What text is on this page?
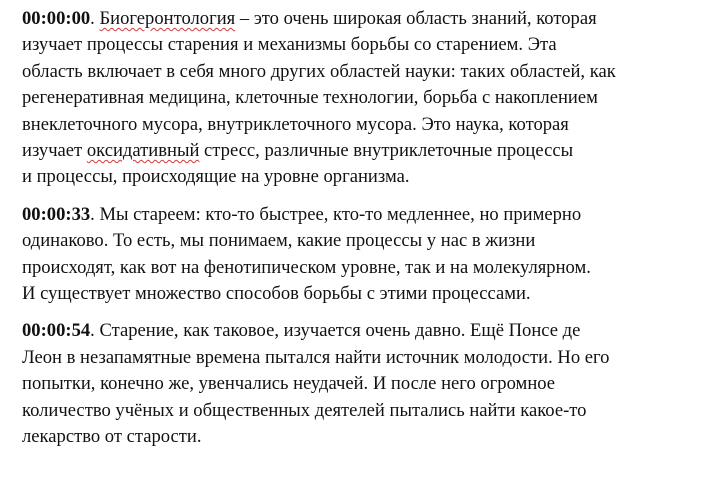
00:00:00. Биогеронтология – это очень широкая область знаний, которая
изучает процессы старения и механизмы борьбы со старением. Эта
область включает в себя много других областей науки: таких областей, как
регенеративная медицина, клеточные технологии, борьба с накоплением
внеклеточного мусора, внутриклеточного мусора. Это наука, которая
изучает оксидативный стресс, различные внутриклеточные процессы
и процессы, происходящие на уровне организма.

00:00:33. Мы стареем: кто-то быстрее, кто-то медленнее, но примерно
одинаково. То есть, мы понимаем, какие процессы у нас в жизни
происходят, как вот на фенотипическом уровне, так и на молекулярном.
И существует множество способов борьбы с этими процессами.

00:00:54. Старение, как таковое, изучается очень давно. Ещё Понсе де
Леон в незапамятные времена пытался найти источник молодости. Но его
попытки, конечно же, увенчались неудачей. И после него огромное
количество учёных и общественных деятелей пытались найти какое-то
лекарство от старости.
